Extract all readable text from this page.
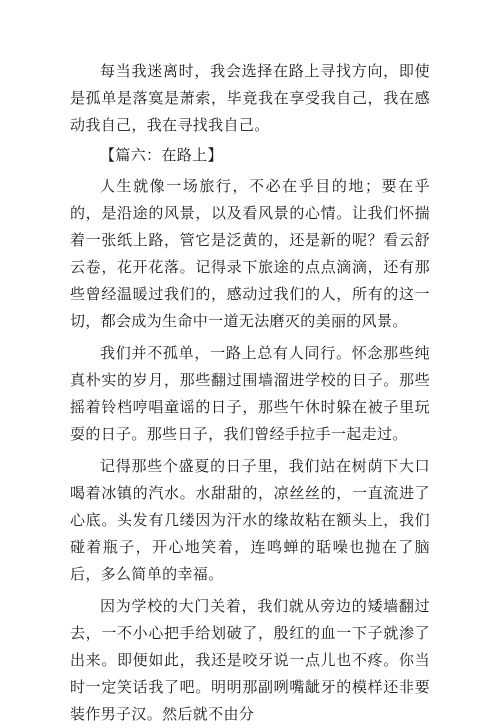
每当我迷离时，我会选择在路上寻找方向，即使是孤单是落寞是萧索，毕竟我在享受我自己，我在感动我自己，我在寻找我自己。

【篇六：在路上】

人生就像一场旅行，不必在乎目的地；要在乎的，是沿途的风景，以及看风景的心情。让我们怀揣着一张纸上路，管它是泛黄的，还是新的呢？看云舒云卷，花开花落。记得录下旅途的点点滴滴，还有那些曾经温暖过我们的，感动过我们的人，所有的这一切，都会成为生命中一道无法磨灭的美丽的风景。

我们并不孤单，一路上总有人同行。怀念那些纯真朴实的岁月，那些翻过围墙溜进学校的日子。那些摇着铃档哼唱童谣的日子，那些午休时躲在被子里玩耍的日子。那些日子，我们曾经手拉手一起走过。

记得那些个盛夏的日子里，我们站在树荫下大口喝着冰镇的汽水。水甜甜的，凉丝丝的，一直流进了心底。头发有几缕因为汗水的缘故粘在额头上，我们碰着瓶子，开心地笑着，连鸣蝉的聒噪也抛在了脑后，多么简单的幸福。

因为学校的大门关着，我们就从旁边的矮墙翻过去，一不小心把手给划破了，殷红的血一下子就渗了出来。即便如此，我还是咬牙说一点儿也不疼。你当时一定笑话我了吧。明明那副咧嘴龇牙的模样还非要装作男子汉。然后就不由分
